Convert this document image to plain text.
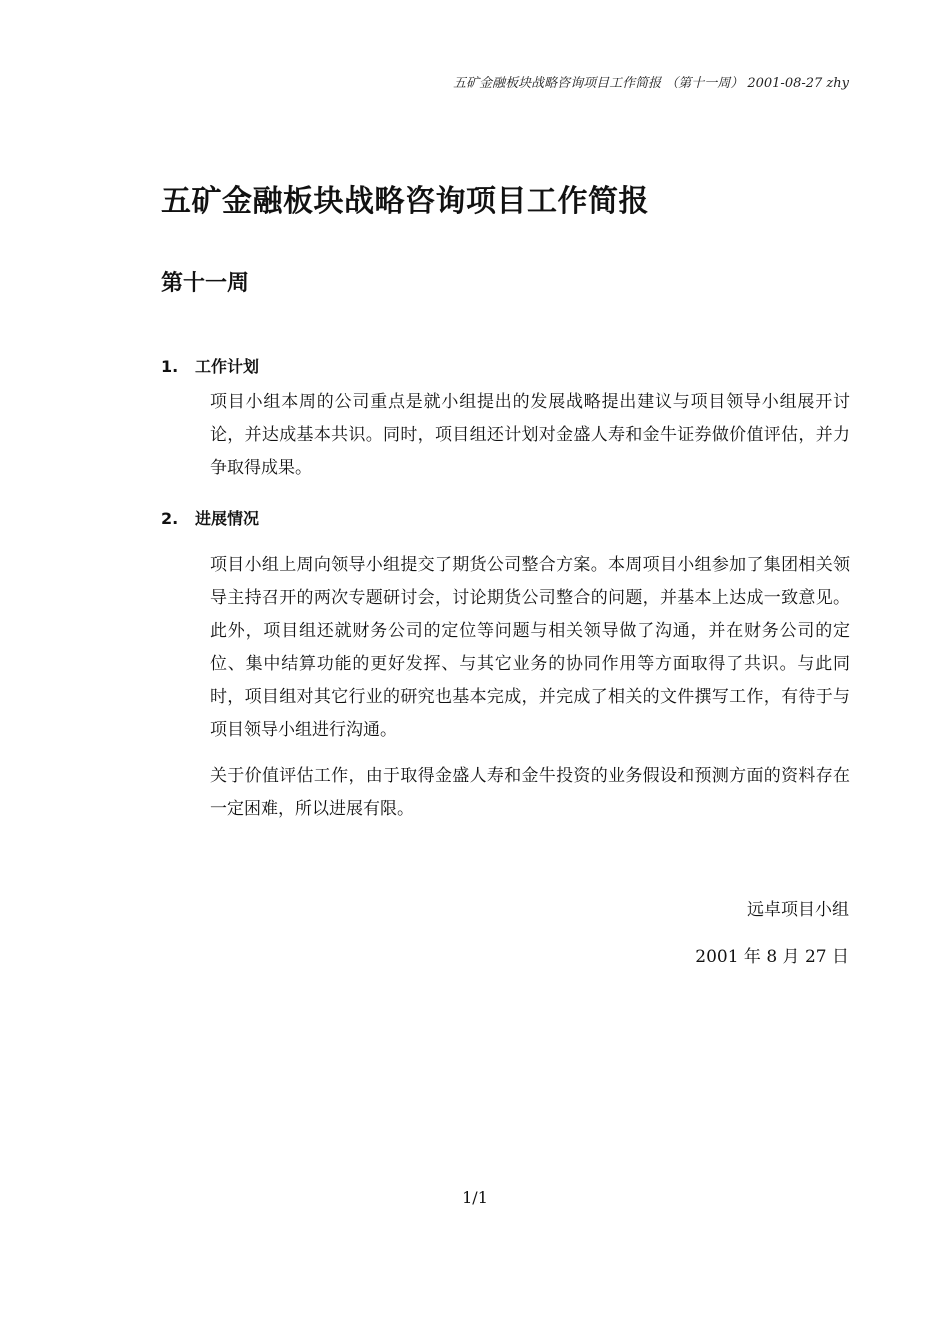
五矿金融板块战略咨询项目工作简报 （第十一周） 2001-08-27 zhy
五矿金融板块战略咨询项目工作简报
第十一周
1. 工作计划
项目小组本周的公司重点是就小组提出的发展战略提出建议与项目领导小组展开讨论，并达成基本共识。同时，项目组还计划对金盛人寿和金牛证券做价值评估，并力争取得成果。
2. 进展情况
项目小组上周向领导小组提交了期货公司整合方案。本周项目小组参加了集团相关领导主持召开的两次专题研讨会，讨论期货公司整合的问题，并基本上达成一致意见。此外，项目组还就财务公司的定位等问题与相关领导做了沟通，并在财务公司的定位、集中结算功能的更好发挥、与其它业务的协同作用等方面取得了共识。与此同时，项目组对其它行业的研究也基本完成，并完成了相关的文件撰写工作，有待于与项目领导小组进行沟通。
关于价值评估工作，由于取得金盛人寿和金牛投资的业务假设和预测方面的资料存在一定困难，所以进展有限。
远卓项目小组
2001 年 8 月 27 日
1/1
